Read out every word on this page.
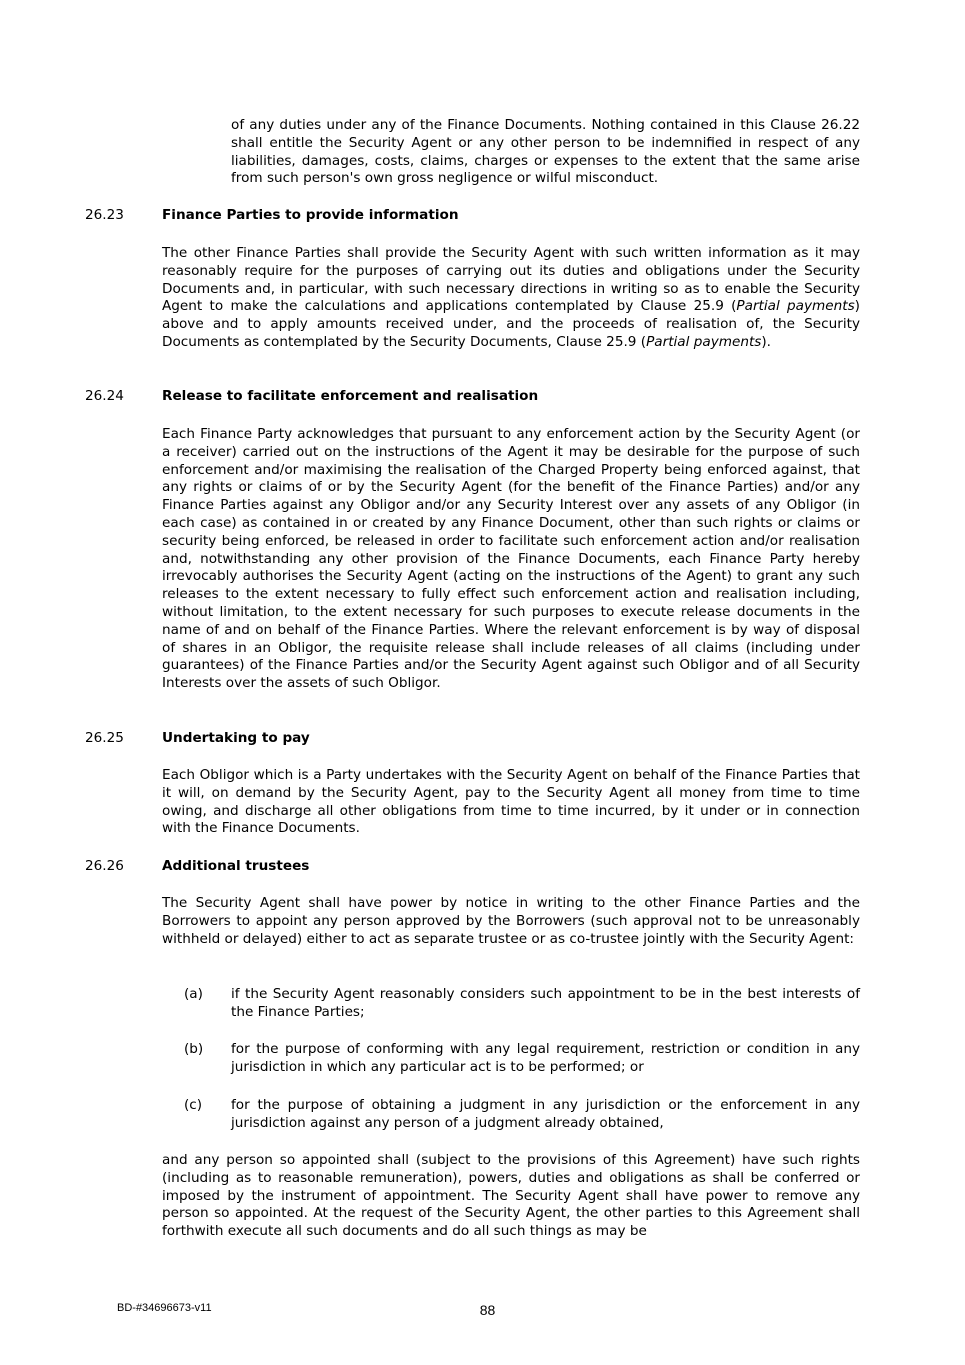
of any duties under any of the Finance Documents. Nothing contained in this Clause 26.22 shall entitle the Security Agent or any other person to be indemnified in respect of any liabilities, damages, costs, claims, charges or expenses to the extent that the same arise from such person's own gross negligence or wilful misconduct.
26.23	Finance Parties to provide information
The other Finance Parties shall provide the Security Agent with such written information as it may reasonably require for the purposes of carrying out its duties and obligations under the Security Documents and, in particular, with such necessary directions in writing so as to enable the Security Agent to make the calculations and applications contemplated by Clause 25.9 (Partial payments) above and to apply amounts received under, and the proceeds of realisation of, the Security Documents as contemplated by the Security Documents, Clause 25.9 (Partial payments).
26.24	Release to facilitate enforcement and realisation
Each Finance Party acknowledges that pursuant to any enforcement action by the Security Agent (or a receiver) carried out on the instructions of the Agent it may be desirable for the purpose of such enforcement and/or maximising the realisation of the Charged Property being enforced against, that any rights or claims of or by the Security Agent (for the benefit of the Finance Parties) and/or any Finance Parties against any Obligor and/or any Security Interest over any assets of any Obligor (in each case) as contained in or created by any Finance Document, other than such rights or claims or security being enforced, be released in order to facilitate such enforcement action and/or realisation and, notwithstanding any other provision of the Finance Documents, each Finance Party hereby irrevocably authorises the Security Agent (acting on the instructions of the Agent) to grant any such releases to the extent necessary to fully effect such enforcement action and realisation including, without limitation, to the extent necessary for such purposes to execute release documents in the name of and on behalf of the Finance Parties. Where the relevant enforcement is by way of disposal of shares in an Obligor, the requisite release shall include releases of all claims (including under guarantees) of the Finance Parties and/or the Security Agent against such Obligor and of all Security Interests over the assets of such Obligor.
26.25	Undertaking to pay
Each Obligor which is a Party undertakes with the Security Agent on behalf of the Finance Parties that it will, on demand by the Security Agent, pay to the Security Agent all money from time to time owing, and discharge all other obligations from time to time incurred, by it under or in connection with the Finance Documents.
26.26	Additional trustees
The Security Agent shall have power by notice in writing to the other Finance Parties and the Borrowers to appoint any person approved by the Borrowers (such approval not to be unreasonably withheld or delayed) either to act as separate trustee or as co-trustee jointly with the Security Agent:
(a) if the Security Agent reasonably considers such appointment to be in the best interests of the Finance Parties;
(b) for the purpose of conforming with any legal requirement, restriction or condition in any jurisdiction in which any particular act is to be performed; or
(c) for the purpose of obtaining a judgment in any jurisdiction or the enforcement in any jurisdiction against any person of a judgment already obtained,
and any person so appointed shall (subject to the provisions of this Agreement) have such rights (including as to reasonable remuneration), powers, duties and obligations as shall be conferred or imposed by the instrument of appointment. The Security Agent shall have power to remove any person so appointed. At the request of the Security Agent, the other parties to this Agreement shall forthwith execute all such documents and do all such things as may be
BD-#34696673-v11	88
